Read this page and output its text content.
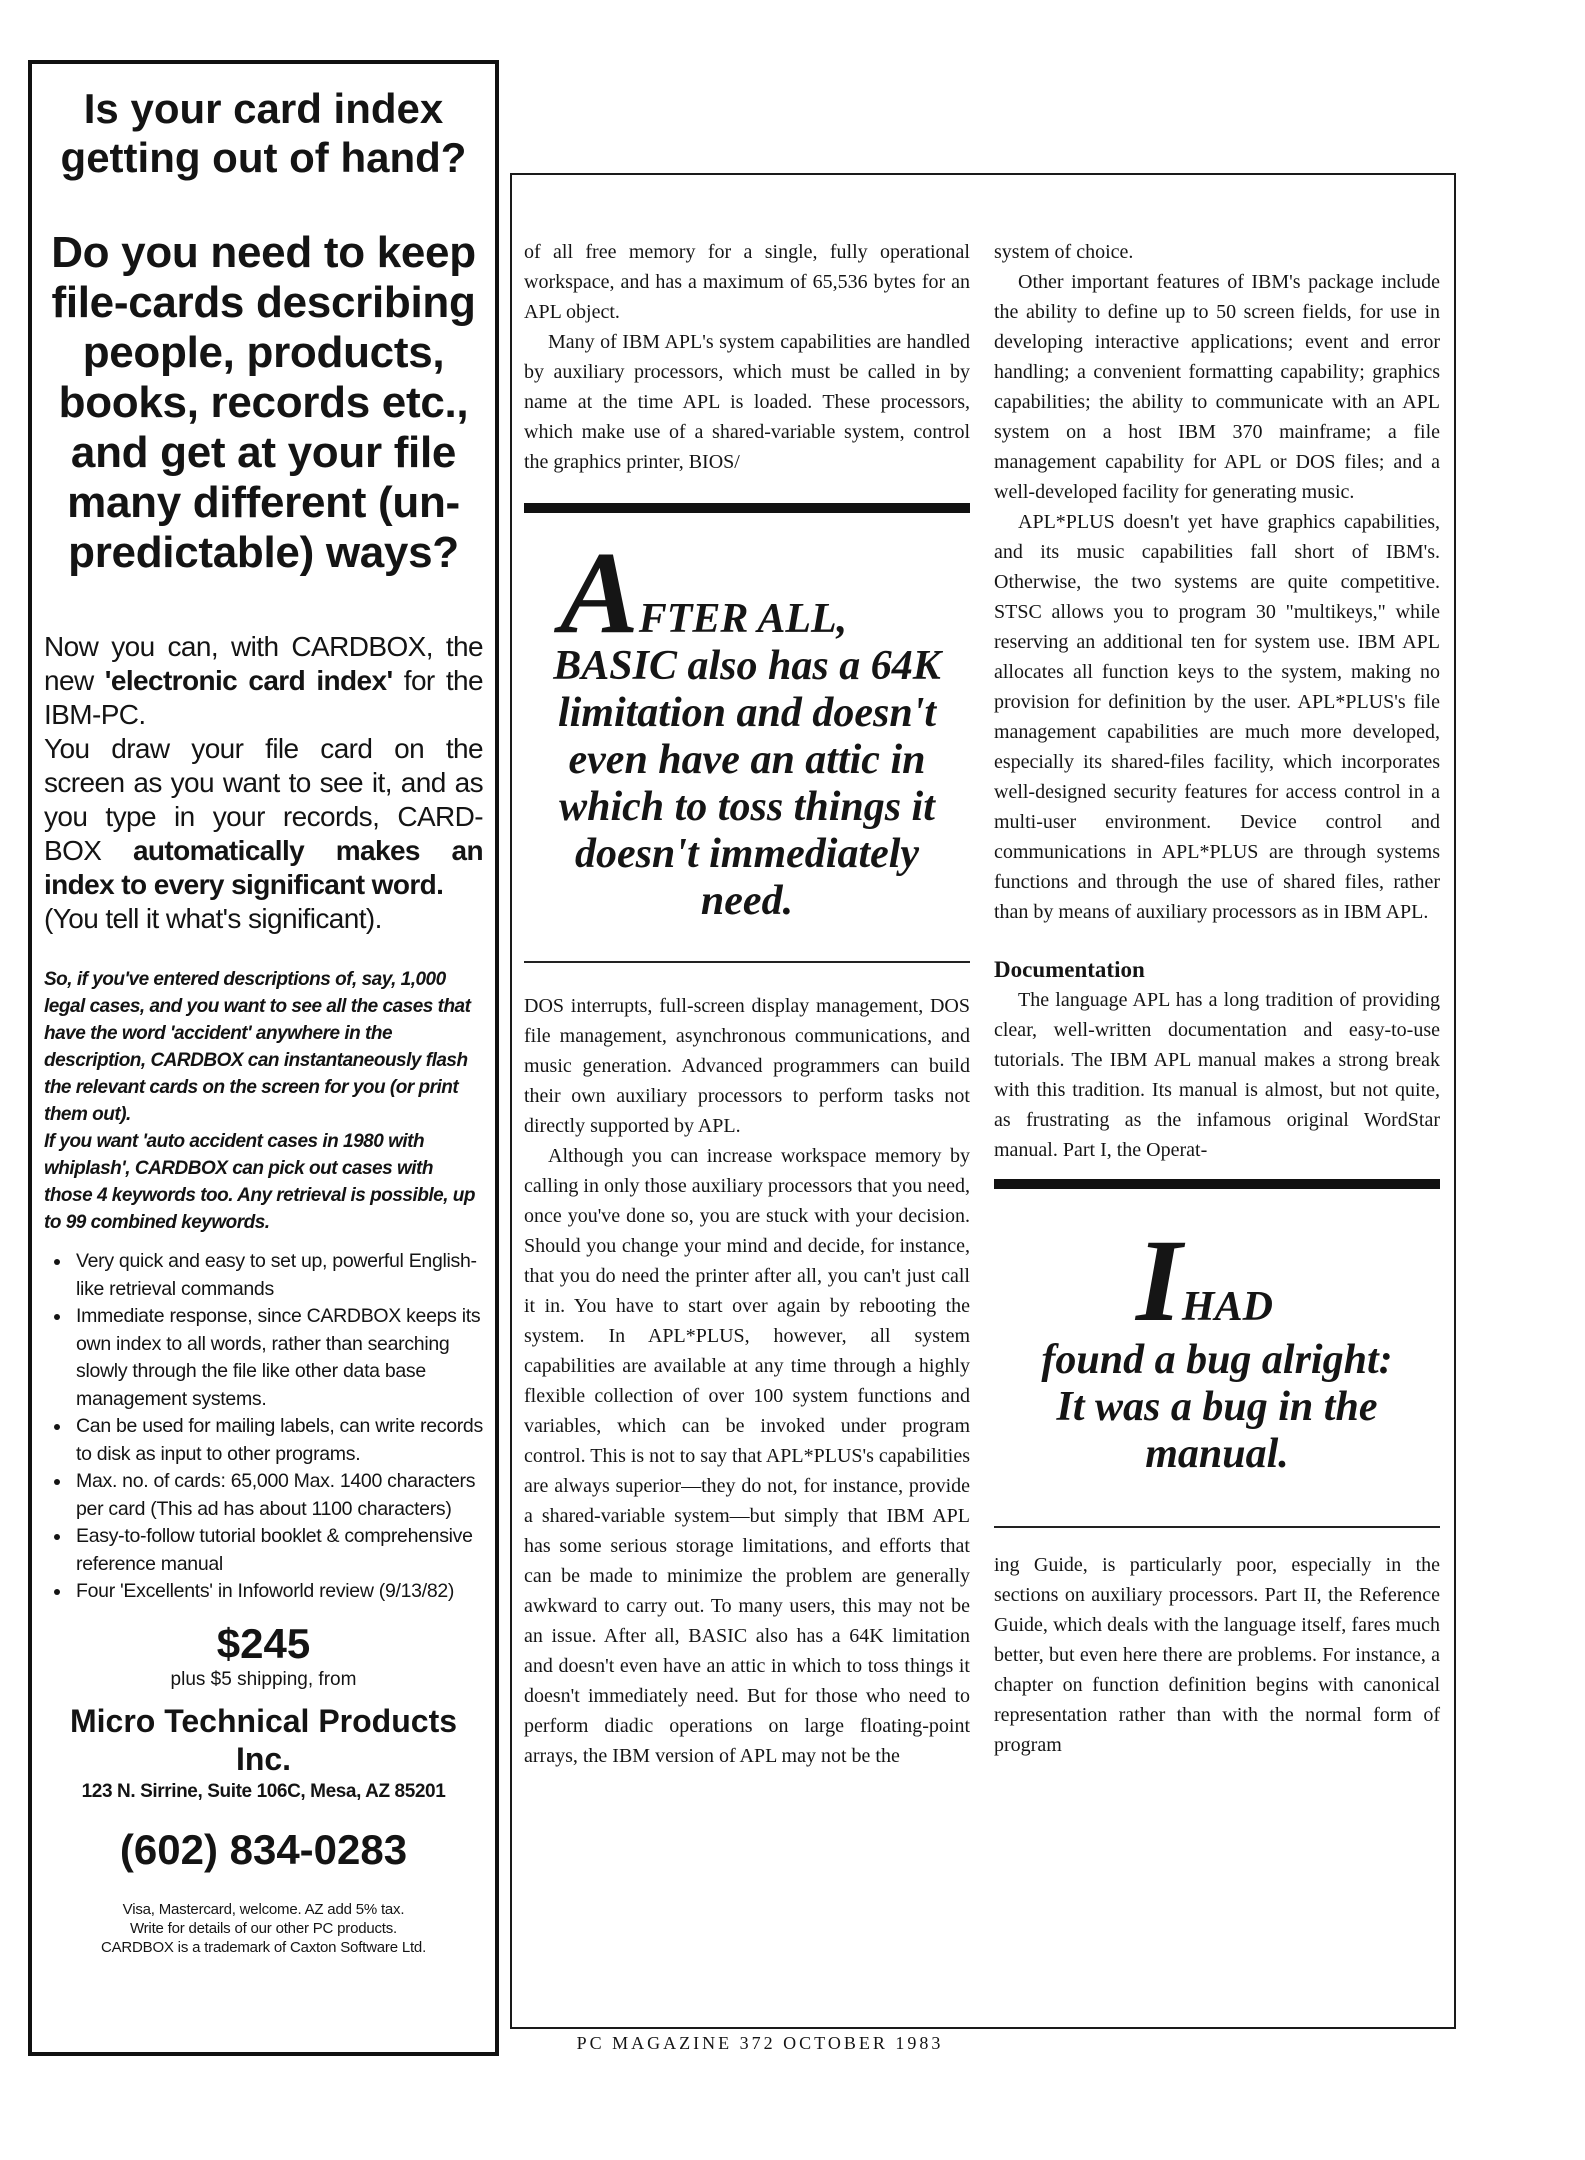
Is your card index getting out of hand?
Do you need to keep file-cards describing people, products, books, records etc., and get at your file many different (un-predictable) ways?
Now you can, with CARDBOX, the new 'electronic card index' for the IBM-PC.
You draw your file card on the screen as you want to see it, and as you type in your records, CARD-BOX automatically makes an index to every significant word.
(You tell it what's significant).

So, if you've entered descriptions of, say, 1,000 legal cases, and you want to see all the cases that have the word 'accident' anywhere in the description, CARDBOX can instantaneously flash the relevant cards on the screen for you (or print them out).

If you want 'auto accident cases in 1980 with whiplash', CARDBOX can pick out cases with those 4 keywords too. Any retrieval is possible, up to 99 combined keywords.

• Very quick and easy to set up, powerful English-like retrieval commands
• Immediate response, since CARDBOX keeps its own index to all words, rather than searching slowly through the file like other data base management systems.
• Can be used for mailing labels, can write records to disk as input to other programs.
• Max. no. of cards: 65,000 Max. 1400 characters per card (This ad has about 1100 characters)
• Easy-to-follow tutorial booklet & comprehensive reference manual
• Four 'Excellents' in Infoworld review (9/13/82)
$245
plus $5 shipping, from
Micro Technical Products Inc.
123 N. Sirrine, Suite 106C, Mesa, AZ 85201
(602) 834-0283

Visa, Mastercard, welcome. AZ add 5% tax.

Write for details of our other PC products.

CARDBOX is a trademark of Caxton Software Ltd.

of all free memory for a single, fully operational workspace, and has a maximum of 65,536 bytes for an APL object.

Many of IBM APL's system capabilities are handled by auxiliary processors, which must be called in by name at the time APL is loaded. These processors, which make use of a shared-variable system, control the graphics printer, BIOS/

AFTER ALL,
BASIC also has a 64K limitation and doesn't even have an attic in which to toss things it doesn't immediately need.

DOS interrupts, full-screen display management, DOS file management, asynchronous communications, and music generation. Advanced programmers can build their own auxiliary processors to perform tasks not directly supported by APL.

Although you can increase workspace memory by calling in only those auxiliary processors that you need, once you've done so, you are stuck with your decision. Should you change your mind and decide, for instance, that you do need the printer after all, you can't just call it in. You have to start over again by rebooting the system. In APL*PLUS, however, all system capabilities are available at any time through a highly flexible collection of over 100 system functions and variables, which can be invoked under program control. This is not to say that APL*PLUS's capabilities are always superior—they do not, for instance, provide a shared-variable system—but simply that IBM APL has some serious storage limitations, and efforts that can be made to minimize the problem are generally awkward to carry out. To many users, this may not be an issue. After all, BASIC also has a 64K limitation and doesn't even have an attic in which to toss things it doesn't immediately need. But for those who need to perform diadic operations on large floating-point arrays, the IBM version of APL may not be the

system of choice.

Other important features of IBM's package include the ability to define up to 50 screen fields, for use in developing interactive applications; event and error handling; a convenient formatting capability; graphics capabilities; the ability to communicate with an APL system on a host IBM 370 mainframe; a file management capability for APL or DOS files; and a well-developed facility for generating music.

APL*PLUS doesn't yet have graphics capabilities, and its music capabilities fall short of IBM's. Otherwise, the two systems are quite competitive. STSC allows you to program 30 "multikeys," while reserving an additional ten for system use. IBM APL allocates all function keys to the system, making no provision for definition by the user. APL*PLUS's file management capabilities are much more developed, especially its shared-files facility, which incorporates well-designed security features for access control in a multi-user environment. Device control and communications in APL*PLUS are through systems functions and through the use of shared files, rather than by means of auxiliary processors as in IBM APL.

Documentation

The language APL has a long tradition of providing clear, well-written documentation and easy-to-use tutorials. The IBM APL manual makes a strong break with this tradition. Its manual is almost, but not quite, as frustrating as the infamous original WordStar manual. Part I, the Operat-

IHAD
found a bug alright: It was a bug in the manual.

ing Guide, is particularly poor, especially in the sections on auxiliary processors. Part II, the Reference Guide, which deals with the language itself, fares much better, but even here there are problems. For instance, a chapter on function definition begins with canonical representation rather than with the normal form of program

PC MAGAZINE 372 OCTOBER 1983
